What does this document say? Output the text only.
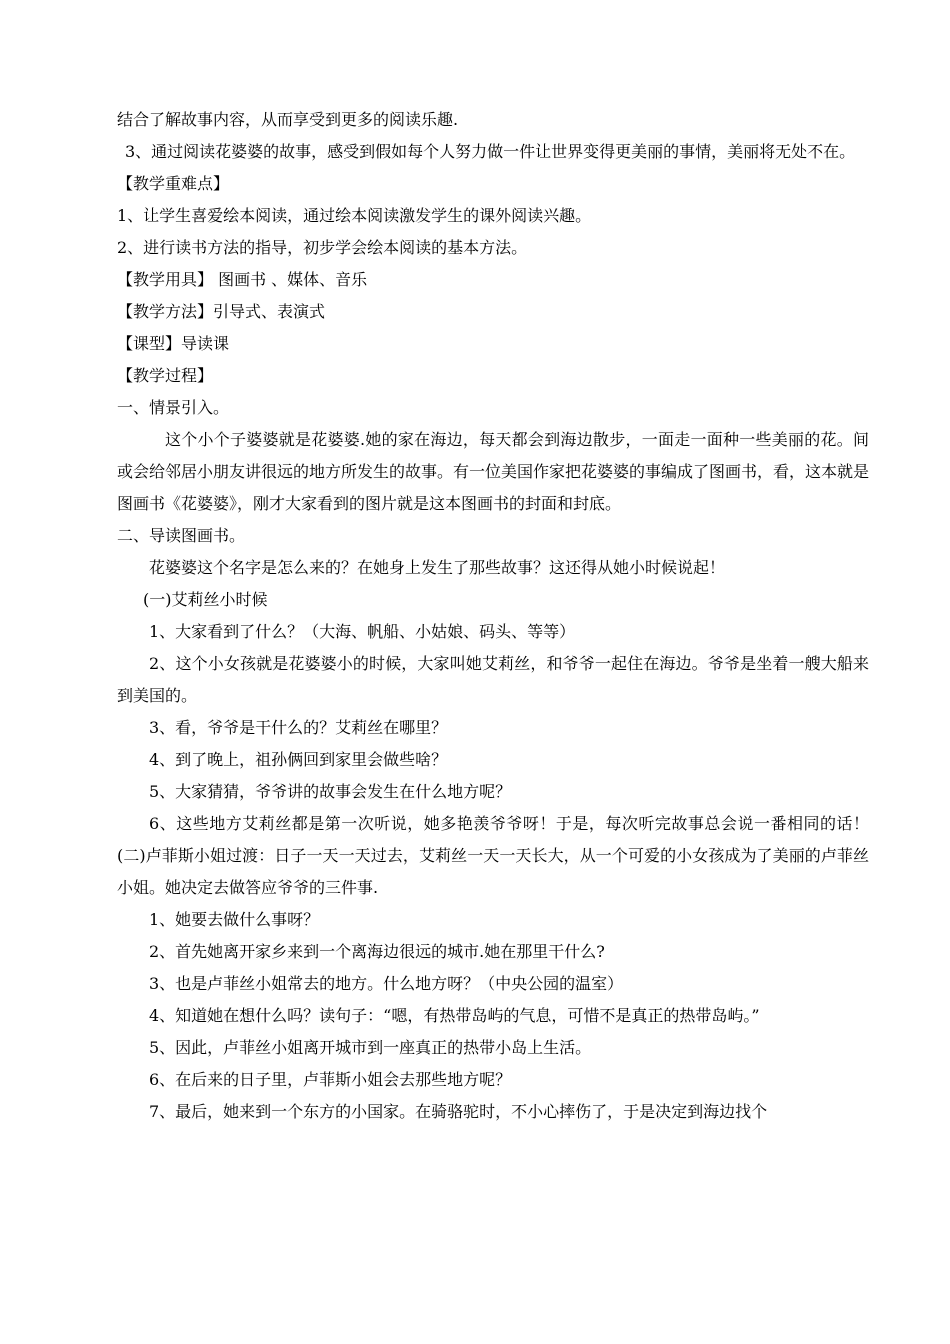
结合了解故事内容，从而享受到更多的阅读乐趣.

3、通过阅读花婆婆的故事，感受到假如每个人努力做一件让世界变得更美丽的事情，美丽将无处不在。

【教学重难点】

1、让学生喜爱绘本阅读，通过绘本阅读激发学生的课外阅读兴趣。

2、进行读书方法的指导，初步学会绘本阅读的基本方法。

【教学用具】 图画书 、媒体、音乐

【教学方法】引导式、表演式

【课型】导读课

【教学过程】

一、情景引入。

这个小个子婆婆就是花婆婆.她的家在海边，每天都会到海边散步，一面走一面种一些美丽的花。间或会给邻居小朋友讲很远的地方所发生的故事。有一位美国作家把花婆婆的事编成了图画书，看，这本就是图画书《花婆婆》，刚才大家看到的图片就是这本图画书的封面和封底。

二、导读图画书。

花婆婆这个名字是怎么来的？在她身上发生了那些故事？这还得从她小时候说起！

(一)艾莉丝小时候

1、大家看到了什么？（大海、帆船、小姑娘、码头、等等）

2、这个小女孩就是花婆婆小的时候，大家叫她艾莉丝，和爷爷一起住在海边。爷爷是坐着一艘大船来到美国的。

3、看，爷爷是干什么的？艾莉丝在哪里？

4、到了晚上，祖孙俩回到家里会做些啥？

5、大家猜猜，爷爷讲的故事会发生在什么地方呢？

6、这些地方艾莉丝都是第一次听说，她多艳羡爷爷呀！于是，每次听完故事总会说一番相同的话！(二)卢菲斯小姐过渡：日子一天一天过去，艾莉丝一天一天长大，从一个可爱的小女孩成为了美丽的卢菲丝小姐。她决定去做答应爷爷的三件事.

1、她要去做什么事呀？

2、首先她离开家乡来到一个离海边很远的城市.她在那里干什么?

3、也是卢菲丝小姐常去的地方。什么地方呀？（中央公园的温室）

4、知道她在想什么吗？读句子：“嗯，有热带岛屿的气息，可惜不是真正的热带岛屿。”

5、因此，卢菲丝小姐离开城市到一座真正的热带小岛上生活。

6、在后来的日子里，卢菲斯小姐会去那些地方呢？

7、最后，她来到一个东方的小国家。在骑骆驼时，不小心摔伤了，于是决定到海边找个
